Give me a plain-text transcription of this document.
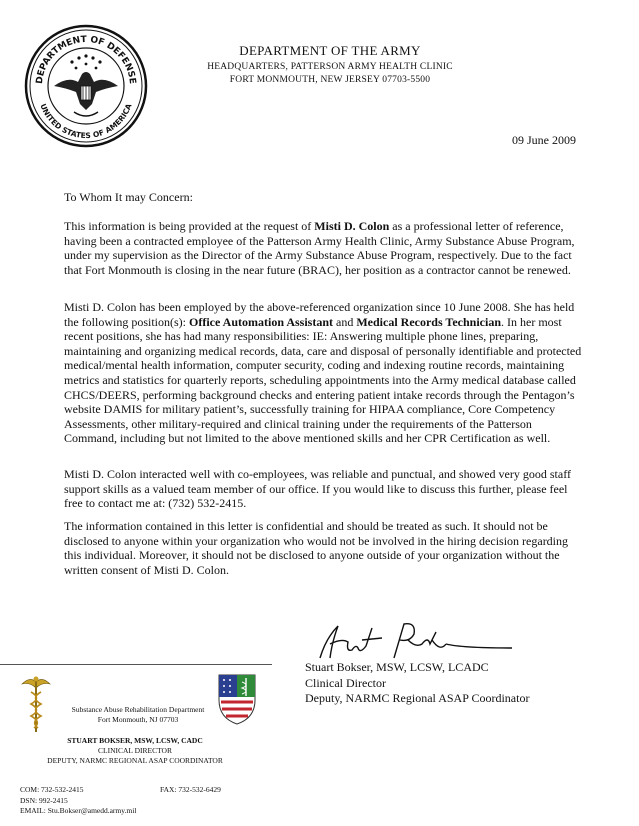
DEPARTMENT OF DEFENSE
UNITED STATES OF AMERICA
DEPARTMENT OF THE ARMY
HEADQUARTERS, PATTERSON ARMY HEALTH CLINIC
FORT MONMOUTH, NEW JERSEY 07703-5500
09 June 2009
To Whom It may Concern:
This information is being provided at the request of Misti D. Colon as a professional letter of reference, having been a contracted employee of the Patterson Army Health Clinic, Army Substance Abuse Program, under my supervision as the Director of the Army Substance Abuse Program, respectively. Due to the fact that Fort Monmouth is closing in the near future (BRAC), her position as a contractor cannot be renewed.
Misti D. Colon has been employed by the above-referenced organization since 10 June 2008. She has held the following position(s): Office Automation Assistant and Medical Records Technician. In her most recent positions, she has had many responsibilities: IE: Answering multiple phone lines, preparing, maintaining and organizing medical records, data, care and disposal of personally identifiable and protected medical/mental health information, computer security, coding and indexing routine records, maintaining metrics and statistics for quarterly reports, scheduling appointments into the Army medical database called CHCS/DEERS, performing background checks and entering patient intake records through the Pentagon’s website DAMIS for military patient’s, successfully training for HIPAA compliance, Core Competency Assessments, other military-required and clinical training under the requirements of the Patterson Command, including but not limited to the above mentioned skills and her CPR Certification as well.
Misti D. Colon interacted well with co-employees, was reliable and punctual, and showed very good staff support skills as a valued team member of our office. If you would like to discuss this further, please feel free to contact me at: (732) 532-2415.
The information contained in this letter is confidential and should be treated as such. It should not be disclosed to anyone within your organization who would not be involved in the hiring decision regarding this individual. Moreover, it should not be disclosed to anyone outside of your organization without the written consent of Misti D. Colon.
Stuart Bokser, MSW, LCSW, LCADC
Clinical Director
Deputy, NARMC Regional ASAP Coordinator
Substance Abuse Rehabilitation Department
Fort Monmouth, NJ 07703
STUART BOKSER, MSW, LCSW, CADC
CLINICAL DIRECTOR
DEPUTY, NARMC REGIONAL ASAP COORDINATOR
COM: 732-532-2415
DSN: 992-2415
EMAIL: Stu.Bokser@amedd.army.mil
FAX: 732-532-6429
